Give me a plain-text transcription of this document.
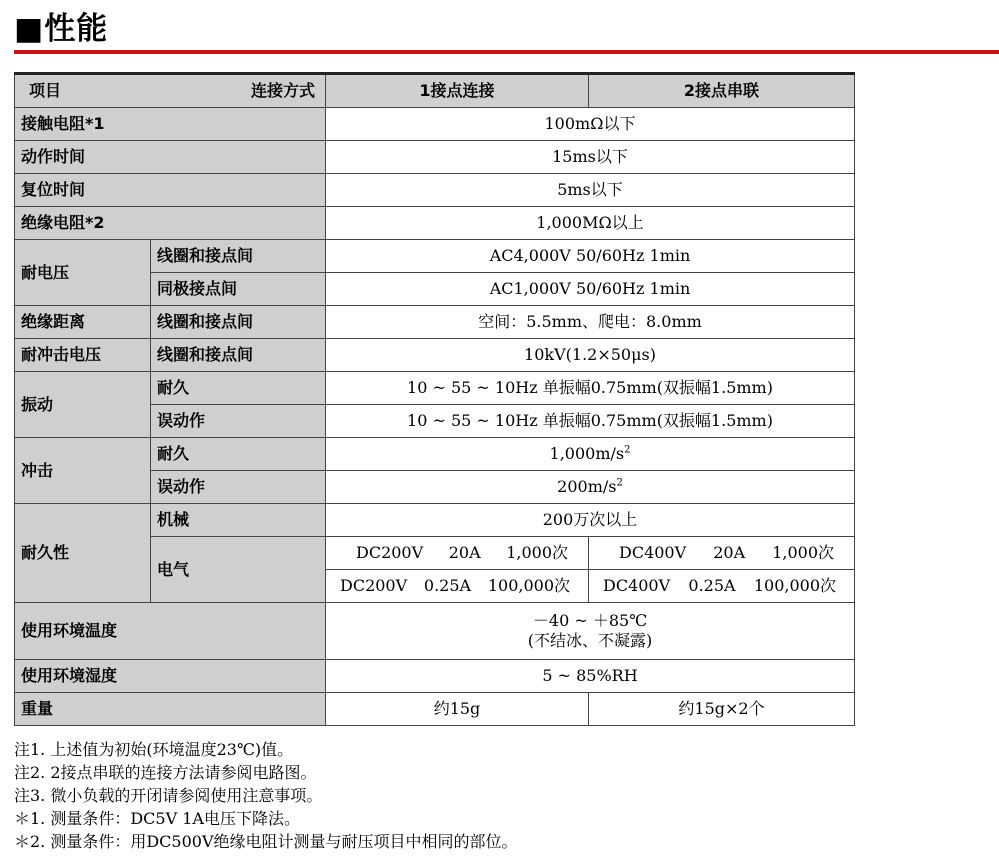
■性能
项目 连接方式		1接点连接	2接点串联
接触电阻*1		100mΩ以下	
动作时间		15ms以下	
复位时间		5ms以下	
绝缘电阻*2		1,000MΩ以上	
耐电压	线圈和接点间	AC4,000V 50/60Hz 1min	
	同极接点间	AC1,000V 50/60Hz 1min	
绝缘距离	线圈和接点间	空间：5.5mm、爬电：8.0mm	
耐冲击电压	线圈和接点间	10kV(1.2×50μs)	
振动	耐久	10 ~ 55 ~ 10Hz 单振幅0.75mm(双振幅1.5mm)	
	误动作	10 ~ 55 ~ 10Hz 单振幅0.75mm(双振幅1.5mm)	
冲击	耐久	$1,000m/s^2$
	误动作	$200m/s^2$
耐久性	机械	200万次以上	
	电气	DC200V 20A 1,000次	DC400V 20A 1,000次

		DC200V 0.25A 100,000次	DC400V 0.25A 100,000次

使用环境温度		－40 ~ ＋85℃
(不结冰、不凝露)	

使用环境湿度		5 ~ 85%RH	
重量		约15g	约15g×2个
注1. 上述值为初始(环境温度23℃)值。
注2. 2接点串联的连接方法请参阅电路图。
注3. 微小负载的开闭请参阅使用注意事项。
＊1. 测量条件：DC5V 1A电压下降法。
＊2. 测量条件：用DC500V绝缘电阻计测量与耐压项目中相同的部位。
